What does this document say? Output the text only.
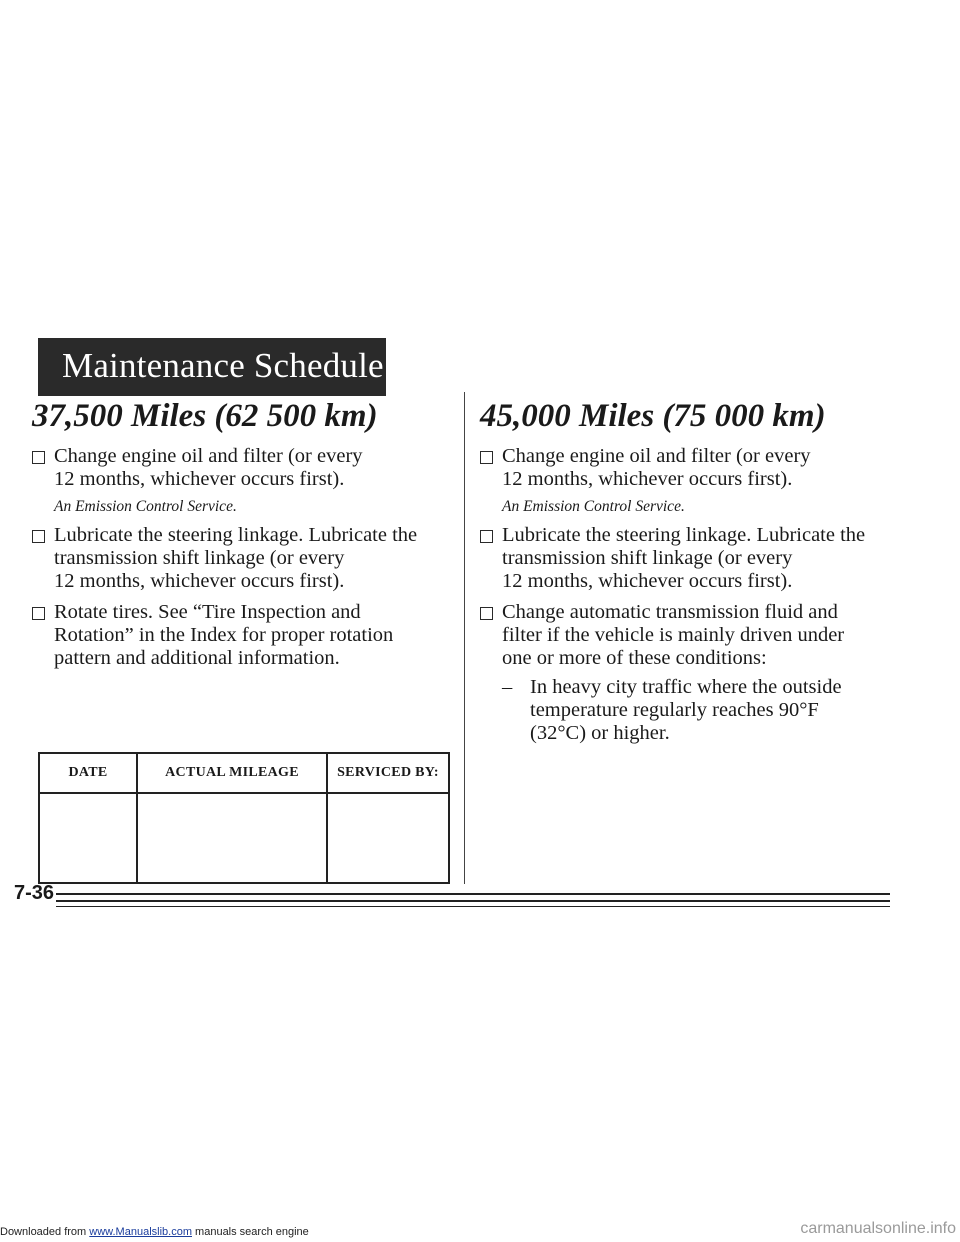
Maintenance Schedule II
37,500 Miles (62 500 km)
Change engine oil and filter (or every
12 months, whichever occurs first).
An Emission Control Service.
Lubricate the steering linkage. Lubricate the
transmission shift linkage (or every
12 months, whichever occurs first).
Rotate tires. See “Tire Inspection and
Rotation” in the Index for proper rotation
pattern and additional information.
45,000 Miles (75 000 km)
Change engine oil and filter (or every
12 months, whichever occurs first).
An Emission Control Service.
Lubricate the steering linkage. Lubricate the
transmission shift linkage (or every
12 months, whichever occurs first).
Change automatic transmission fluid and
filter if the vehicle is mainly driven under
one or more of these conditions:
– In heavy city traffic where the outside
temperature regularly reaches 90°F
(32°C) or higher.
DATE	ACTUAL MILEAGE	SERVICED BY:

7-36
Downloaded from www.Manualslib.com manuals search engine	carmanualsonline.info
